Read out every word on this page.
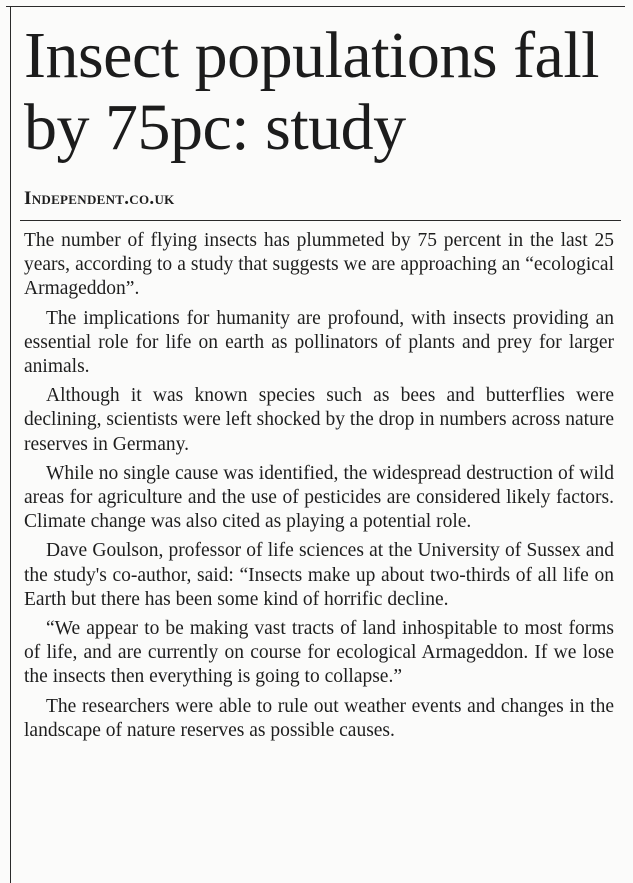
Insect populations fall by 75pc: study
Independent.co.uk

The number of flying insects has plummeted by 75 percent in the last 25 years, according to a study that suggests we are approaching an “ecological Armageddon”.

The implications for humanity are profound, with insects providing an essential role for life on earth as pollinators of plants and prey for larger animals.

Although it was known species such as bees and butterflies were declining, scientists were left shocked by the drop in numbers across nature reserves in Germany.

While no single cause was identified, the widespread destruction of wild areas for agriculture and the use of pesticides are considered likely factors. Climate change was also cited as playing a potential role.

Dave Goulson, professor of life sciences at the University of Sussex and the study's co-author, said: “Insects make up about two-thirds of all life on Earth but there has been some kind of horrific decline.

“We appear to be making vast tracts of land inhospitable to most forms of life, and are currently on course for ecological Armageddon. If we lose the insects then everything is going to collapse.”

The researchers were able to rule out weather events and changes in the landscape of nature reserves as possible causes.
